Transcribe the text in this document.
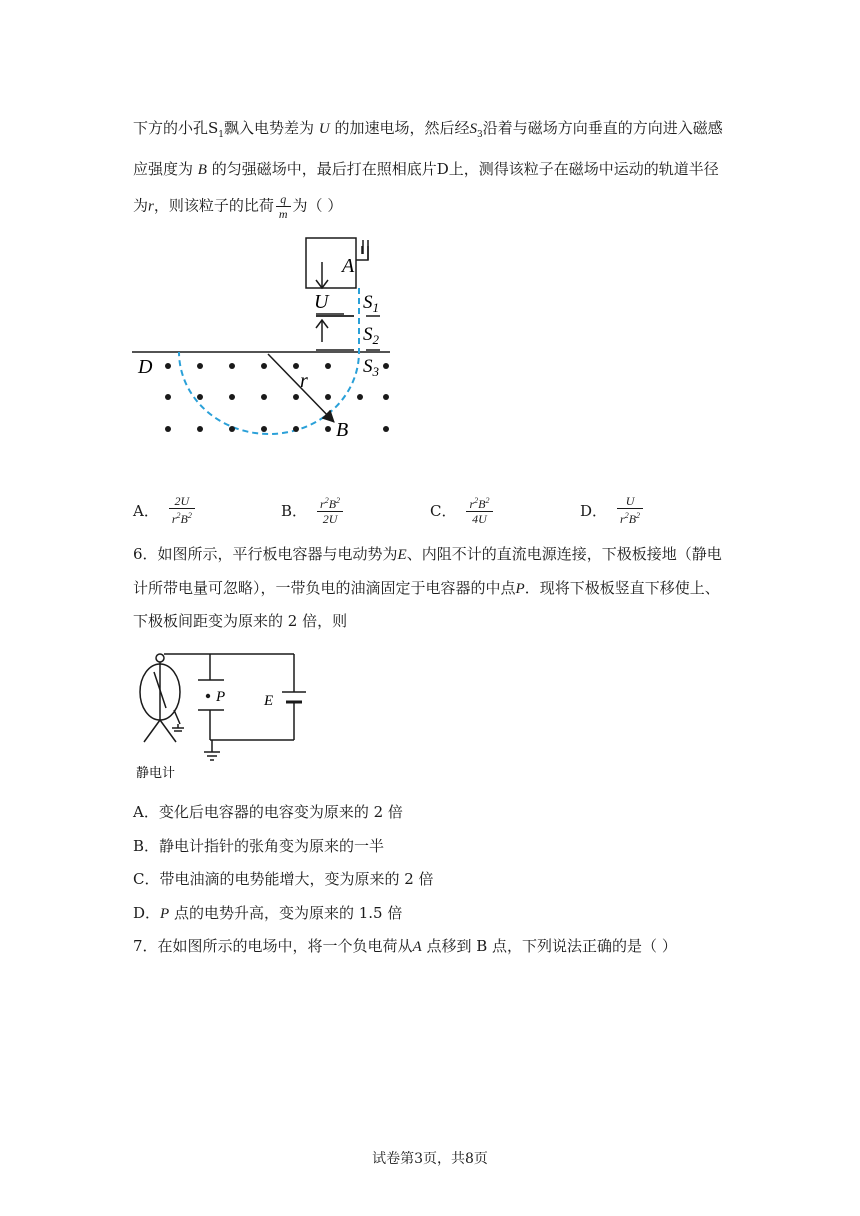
下方的小孔$S_1$飘入电势差为 U 的加速电场，然后经$S_3$沿着与磁场方向垂直的方向进入磁感
应强度为 B 的匀强磁场中，最后打在照相底片D上，测得该粒子在磁场中运动的轨道半径
为r，则该粒子的比荷 $\frac{q}{m}$ 为（ ）
A
U $S_1$
$S_2$
$S_3$
D
r
B
A． $\frac{2U}{r^2B^2}$	B． $\frac{r^2B^2}{2U}$	C． $\frac{r^2B^2}{4U}$	D． $\frac{U}{r^2B^2}$
6．如图所示，平行板电容器与电动势为E、内阻不计的直流电源连接，下极板接地（静电
计所带电量可忽略），一带负电的油滴固定于电容器的中点P．现将下极板竖直下移使上、
下极板间距变为原来的 2 倍，则
P	E
静电计
A．变化后电容器的电容变为原来的 2 倍
B．静电计指针的张角变为原来的一半
C．带电油滴的电势能增大，变为原来的 2 倍
D．P 点的电势升高，变为原来的 1.5 倍
7．在如图所示的电场中，将一个负电荷从A 点移到 B 点，下列说法正确的是（ ）
试卷第3页，共8页
